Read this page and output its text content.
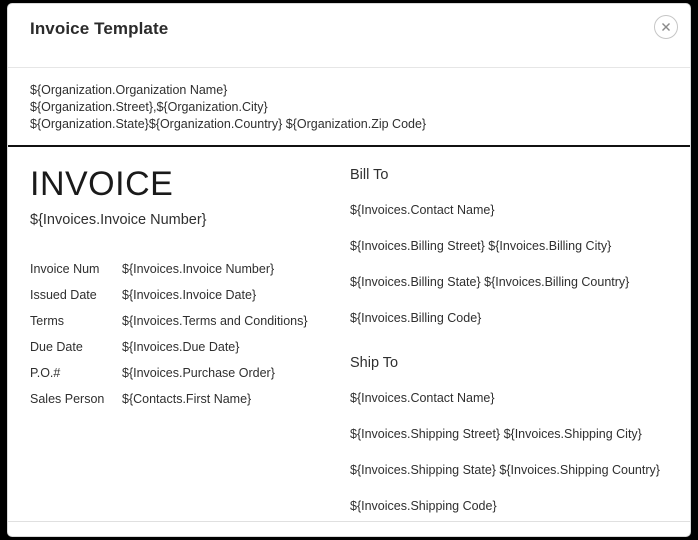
Invoice Template
${Organization.Organization Name}
${Organization.Street},${Organization.City}
${Organization.State}${Organization.Country} ${Organization.Zip Code}
INVOICE
${Invoices.Invoice Number}
Invoice Num	${Invoices.Invoice Number}
Issued Date	${Invoices.Invoice Date}
Terms	${Invoices.Terms and Conditions}
Due Date	${Invoices.Due Date}
P.O.#	${Invoices.Purchase Order}
Sales Person	${Contacts.First Name}
Bill To
${Invoices.Contact Name}
${Invoices.Billing Street} ${Invoices.Billing City}
${Invoices.Billing State} ${Invoices.Billing Country}
${Invoices.Billing Code}
Ship To
${Invoices.Contact Name}
${Invoices.Shipping Street} ${Invoices.Shipping City}
${Invoices.Shipping State} ${Invoices.Shipping Country}
${Invoices.Shipping Code}
